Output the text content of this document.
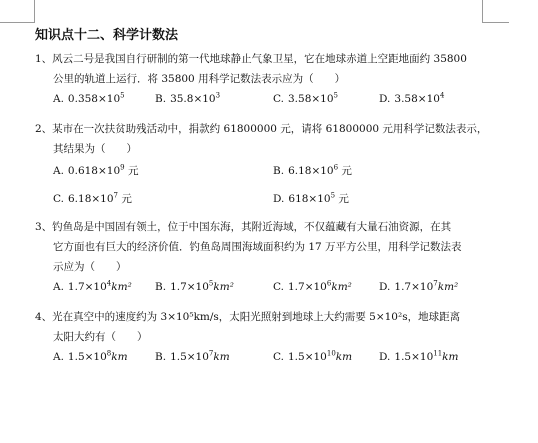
知识点十二、科学计数法
1、风云二号是我国自行研制的第一代地球静止气象卫星，它在地球赤道上空距地面约 35800
公里的轨道上运行．将 35800 用科学记数法表示应为（　　）
A. $0.358\times 10^5$	B. $35.8\times 10^3$	C. $3.58\times 10^5$	D. $3.58\times 10^4$
2、某市在一次扶贫助残活动中，捐款约 61800000 元，请将 61800000 元用科学记数法表示，
其结果为（　　）
A. $0.618\times 10^9$ 元	B. $6.18\times 10^6$ 元
C. $6.18\times 10^7$ 元	D. $618\times 10^5$ 元
3、钓鱼岛是中国固有领土，位于中国东海，其附近海域，不仅蕴藏有大量石油资源，在其
它方面也有巨大的经济价值．钓鱼岛周围海域面积约为 17 万平方公里，用科学记数法表
示应为（　　）
A. $1.7\times 10^4km^2$ B. $1.7\times 10^5km^2$	C. $1.7\times 10^6km^2$	D. $1.7\times 10^7km^2$
4、光在真空中的速度约为 3×10⁵km/s，太阳光照射到地球上大约需要 5×10²s，地球距离
太阳大约有（　　）
A. $1.5\times 10^8km$	B. $1.5\times 10^7km$	C. $1.5\times 10^{10}km$	D. $1.5\times 10^{11}km$
